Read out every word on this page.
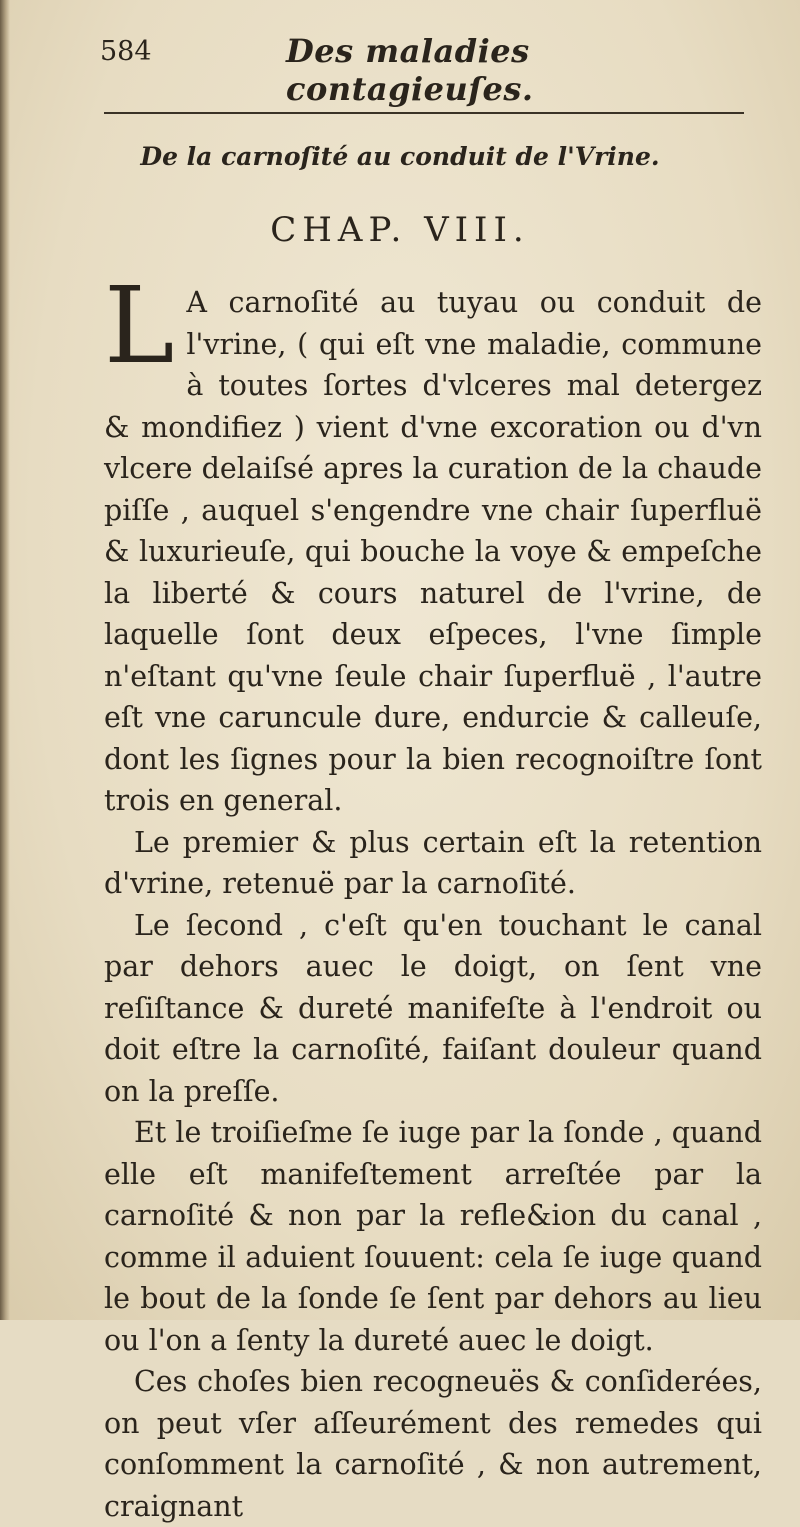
584	Des maladies contagieuſes.
De la carnoſité au conduit de l'Vrine.
CHAP. VIII.

L A carnoſité au tuyau ou conduit de l'vrine, ( qui eſt vne maladie, commune à toutes ſortes d'vlceres mal detergez & mondifiez ) vient d'vne excoration ou d'vn vlcere delaiſsé apres la curation de la chaude piſſe , auquel s'engendre vne chair ſuperfluë & luxurieuſe, qui bouche la voye & empeſche la liberté & cours naturel de l'vrine, de laquelle ſont deux eſpeces, l'vne ſimple n'eſtant qu'vne ſeule chair ſuperfluë , l'autre eſt vne caruncule dure, endurcie & calleuſe, dont les ſignes pour la bien recognoiſtre ſont trois en general.

Le premier & plus certain eſt la retention d'vrine, retenuë par la carnoſité.

Le ſecond , c'eſt qu'en touchant le canal par dehors auec le doigt, on ſent vne reſiſtance & dureté manifeſte à l'endroit ou doit eſtre la carnoſité, faiſant douleur quand on la preſſe.

Et le troiſieſme ſe iuge par la ſonde , quand elle eſt manifeſtement arreſtée par la carnoſité & non par la refle&ion du canal , comme il aduient ſouuent: cela ſe iuge quand le bout de la ſonde ſe ſent par dehors au lieu ou l'on a ſenty la dureté auec le doigt.

Ces choſes bien recogneuës & conſiderées, on peut vſer aſſeurément des remedes qui conſomment la carnoſité , & non autrement, craignant
